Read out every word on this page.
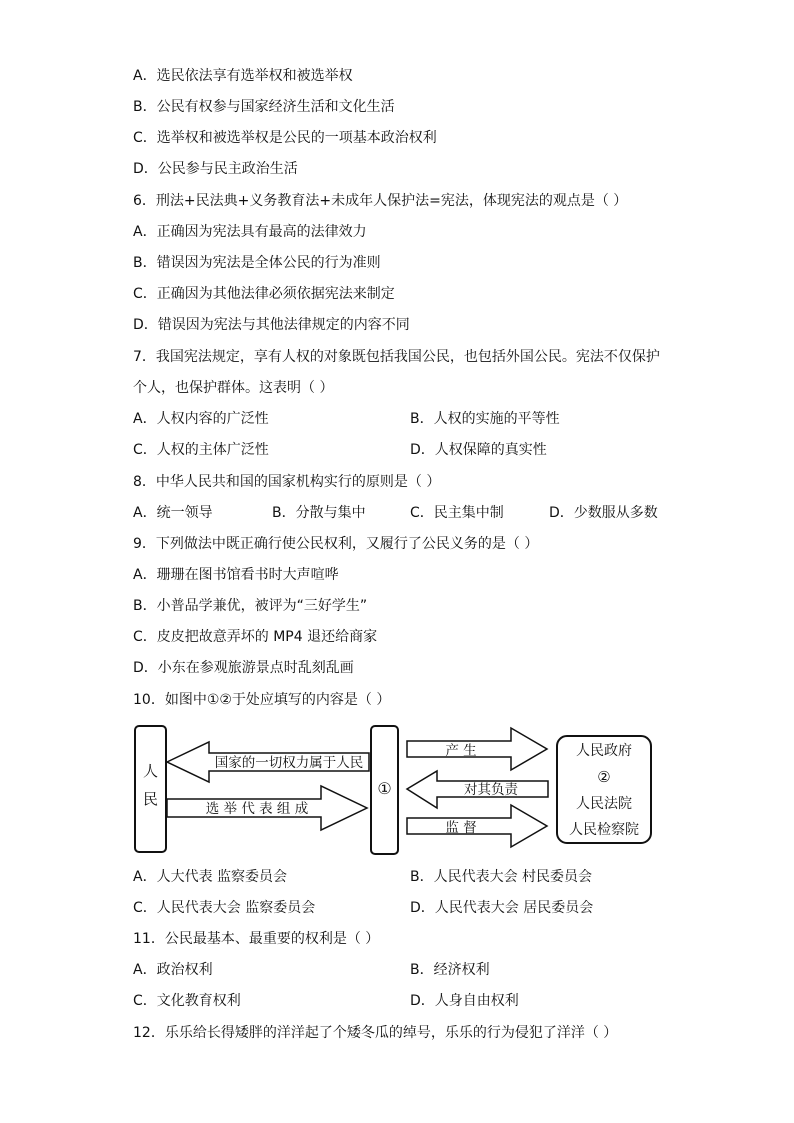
A．选民依法享有选举权和被选举权
B．公民有权参与国家经济生活和文化生活
C．选举权和被选举权是公民的一项基本政治权利
D．公民参与民主政治生活
6．刑法+民法典+义务教育法+未成年人保护法=宪法，体现宪法的观点是（ ）
A．正确因为宪法具有最高的法律效力
B．错误因为宪法是全体公民的行为准则
C．正确因为其他法律必须依据宪法来制定
D．错误因为宪法与其他法律规定的内容不同
7．我国宪法规定，享有人权的对象既包括我国公民，也包括外国公民。宪法不仅保护
个人，也保护群体。这表明（ ）
A．人权内容的广泛性	B．人权的实施的平等性
C．人权的主体广泛性	D．人权保障的真实性
8．中华人民共和国的国家机构实行的原则是（ ）
A．统一领导	B．分散与集中	C．民主集中制	D．少数服从多数
9．下列做法中既正确行使公民权利，又履行了公民义务的是（ ）
A．珊珊在图书馆看书时大声喧哗
B．小普品学兼优，被评为“三好学生”
C．皮皮把故意弄坏的 MP4 退还给商家
D．小东在参观旅游景点时乱刻乱画
10．如图中①②于处应填写的内容是（ ）
人
民
国家的一切权力属于人民
选 举 代 表 组 成
①
产 生
对其负责
监 督
人民政府
②
人民法院
人民检察院
A．人大代表 监察委员会	B．人民代表大会 村民委员会
C．人民代表大会 监察委员会	D．人民代表大会 居民委员会
11．公民最基本、最重要的权利是（ ）
A．政治权利	B．经济权利
C．文化教育权利	D．人身自由权利
12．乐乐给长得矮胖的洋洋起了个矮冬瓜的绰号，乐乐的行为侵犯了洋洋（ ）
